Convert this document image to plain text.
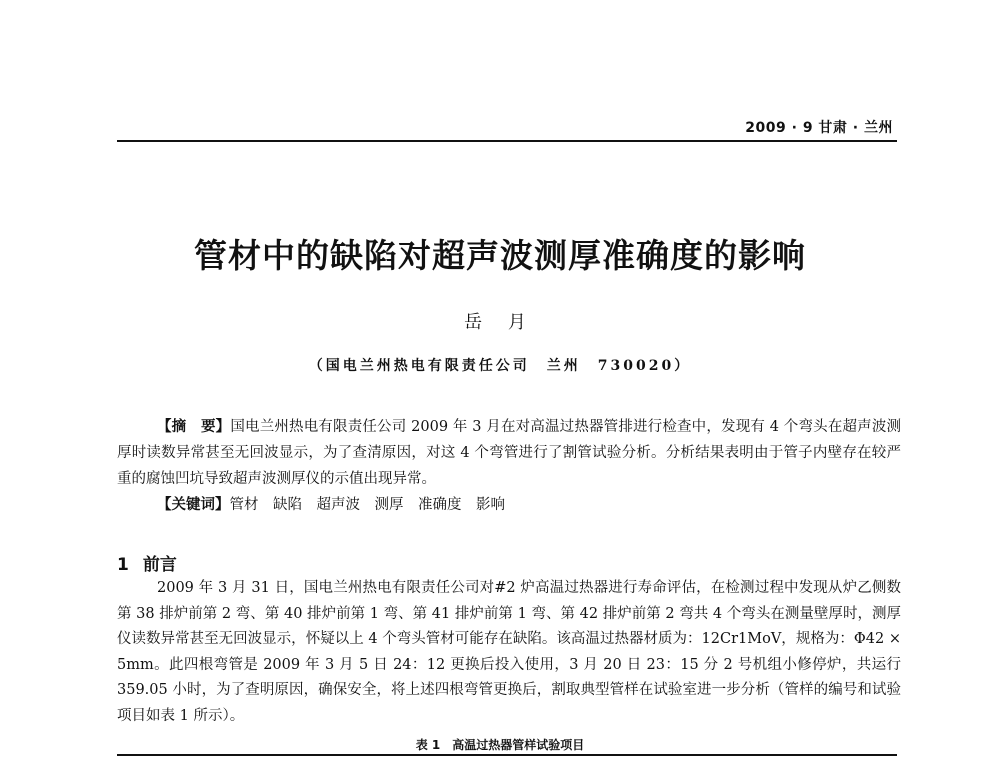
2009 · 9 甘肃 · 兰州
管材中的缺陷对超声波测厚准确度的影响
岳 月
（国电兰州热电有限责任公司　兰州　730020）

【摘　要】国电兰州热电有限责任公司 2009 年 3 月在对高温过热器管排进行检查中，发现有 4 个弯头在超声波测厚时读数异常甚至无回波显示，为了查清原因，对这 4 个弯管进行了割管试验分析。分析结果表明由于管子内壁存在较严重的腐蚀凹坑导致超声波测厚仪的示值出现异常。

【关键词】管材　缺陷　超声波　测厚　准确度　影响

1 前言

2009 年 3 月 31 日，国电兰州热电有限责任公司对#2 炉高温过热器进行寿命评估，在检测过程中发现从炉乙侧数第 38 排炉前第 2 弯、第 40 排炉前第 1 弯、第 41 排炉前第 1 弯、第 42 排炉前第 2 弯共 4 个弯头在测量壁厚时，测厚仪读数异常甚至无回波显示，怀疑以上 4 个弯头管材可能存在缺陷。该高温过热器材质为：12Cr1MoV，规格为：Φ42 × 5mm。此四根弯管是 2009 年 3 月 5 日 24：12 更换后投入使用，3 月 20 日 23：15 分 2 号机组小修停炉，共运行 359.05 小时，为了查明原因，确保安全，将上述四根弯管更换后，割取典型管样在试验室进一步分析（管样的编号和试验项目如表 1 所示）。

表 1　高温过热器管样试验项目
